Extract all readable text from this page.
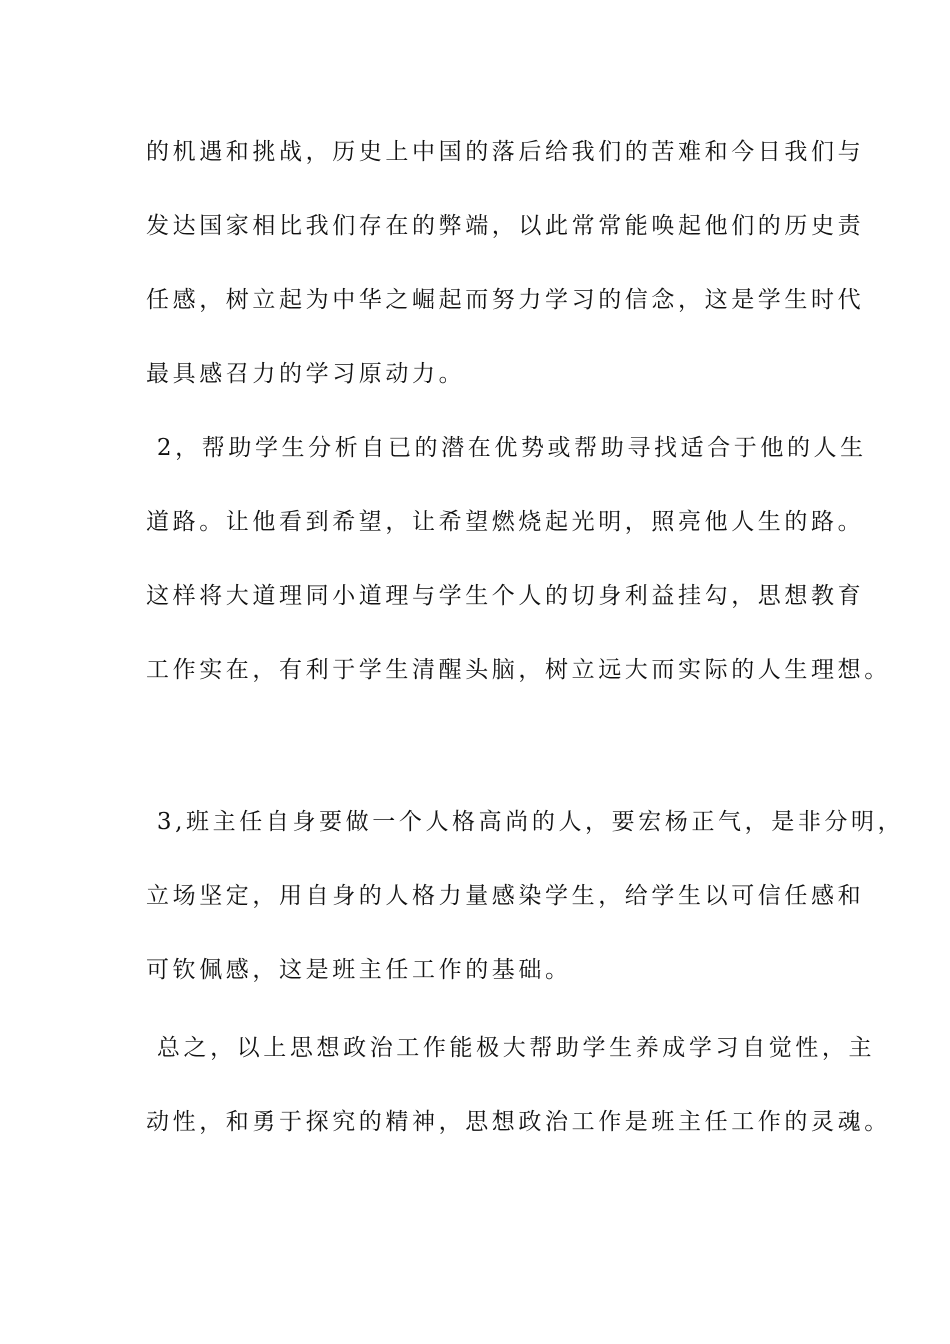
的机遇和挑战，历史上中国的落后给我们的苦难和今日我们与
发达国家相比我们存在的弊端，以此常常能唤起他们的历史责
任感，树立起为中华之崛起而努力学习的信念，这是学生时代
最具感召力的学习原动力。
2，帮助学生分析自已的潜在优势或帮助寻找适合于他的人生
道路。让他看到希望，让希望燃烧起光明，照亮他人生的路。
这样将大道理同小道理与学生个人的切身利益挂勾，思想教育
工作实在，有利于学生清醒头脑，树立远大而实际的人生理想。
3,班主任自身要做一个人格高尚的人，要宏杨正气，是非分明，
立场坚定，用自身的人格力量感染学生，给学生以可信任感和
可钦佩感，这是班主任工作的基础。
总之，以上思想政治工作能极大帮助学生养成学习自觉性，主
动性，和勇于探究的精神，思想政治工作是班主任工作的灵魂。
